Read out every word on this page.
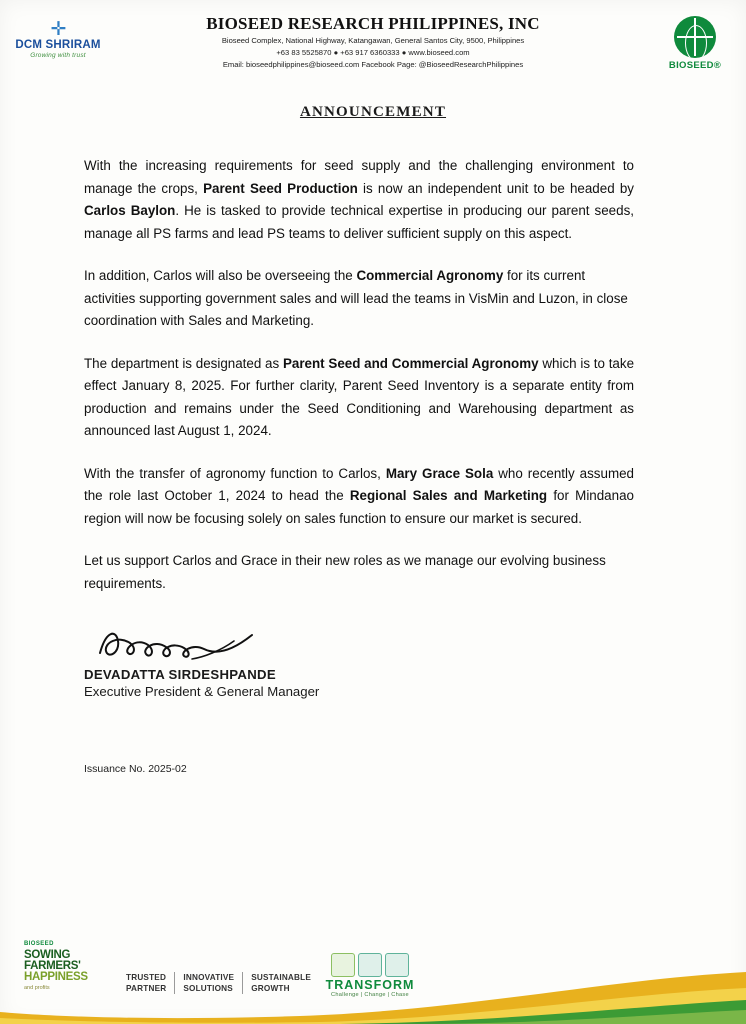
✛
DCM SHRIRAM
Growing with trust
BIOSEED RESEARCH PHILIPPINES, INC
Bioseed Complex, National Highway, Katangawan, General Santos City, 9500, Philippines
+63 83 5525870 ● +63 917 6360333 ● www.bioseed.com
Email: bioseedphilippines@bioseed.com Facebook Page: @BioseedResearchPhilippines	BIOSEED®
ANNOUNCEMENT

With the increasing requirements for seed supply and the challenging environment to manage the crops, Parent Seed Production is now an independent unit to be headed by Carlos Baylon. He is tasked to provide technical expertise in producing our parent seeds, manage all PS farms and lead PS teams to deliver sufficient supply on this aspect.

In addition, Carlos will also be overseeing the Commercial Agronomy for its current activities supporting government sales and will lead the teams in VisMin and Luzon, in close coordination with Sales and Marketing.

The department is designated as Parent Seed and Commercial Agronomy which is to take effect January 8, 2025. For further clarity, Parent Seed Inventory is a separate entity from production and remains under the Seed Conditioning and Warehousing department as announced last August 1, 2024.

With the transfer of agronomy function to Carlos, Mary Grace Sola who recently assumed the role last October 1, 2024 to head the Regional Sales and Marketing for Mindanao region will now be focusing solely on sales function to ensure our market is secured.

Let us support Carlos and Grace in their new roles as we manage our evolving business requirements.

DEVADATTA SIRDESHPANDE
Executive President & General Manager
Issuance No. 2025-02
BIOSEED
SOWING
FARMERS'
HAPPINESS
and profits
TRUSTED
PARTNER
INNOVATIVE
SOLUTIONS
SUSTAINABLE
GROWTH	TRANSFORM
Challenge | Change | Chase
